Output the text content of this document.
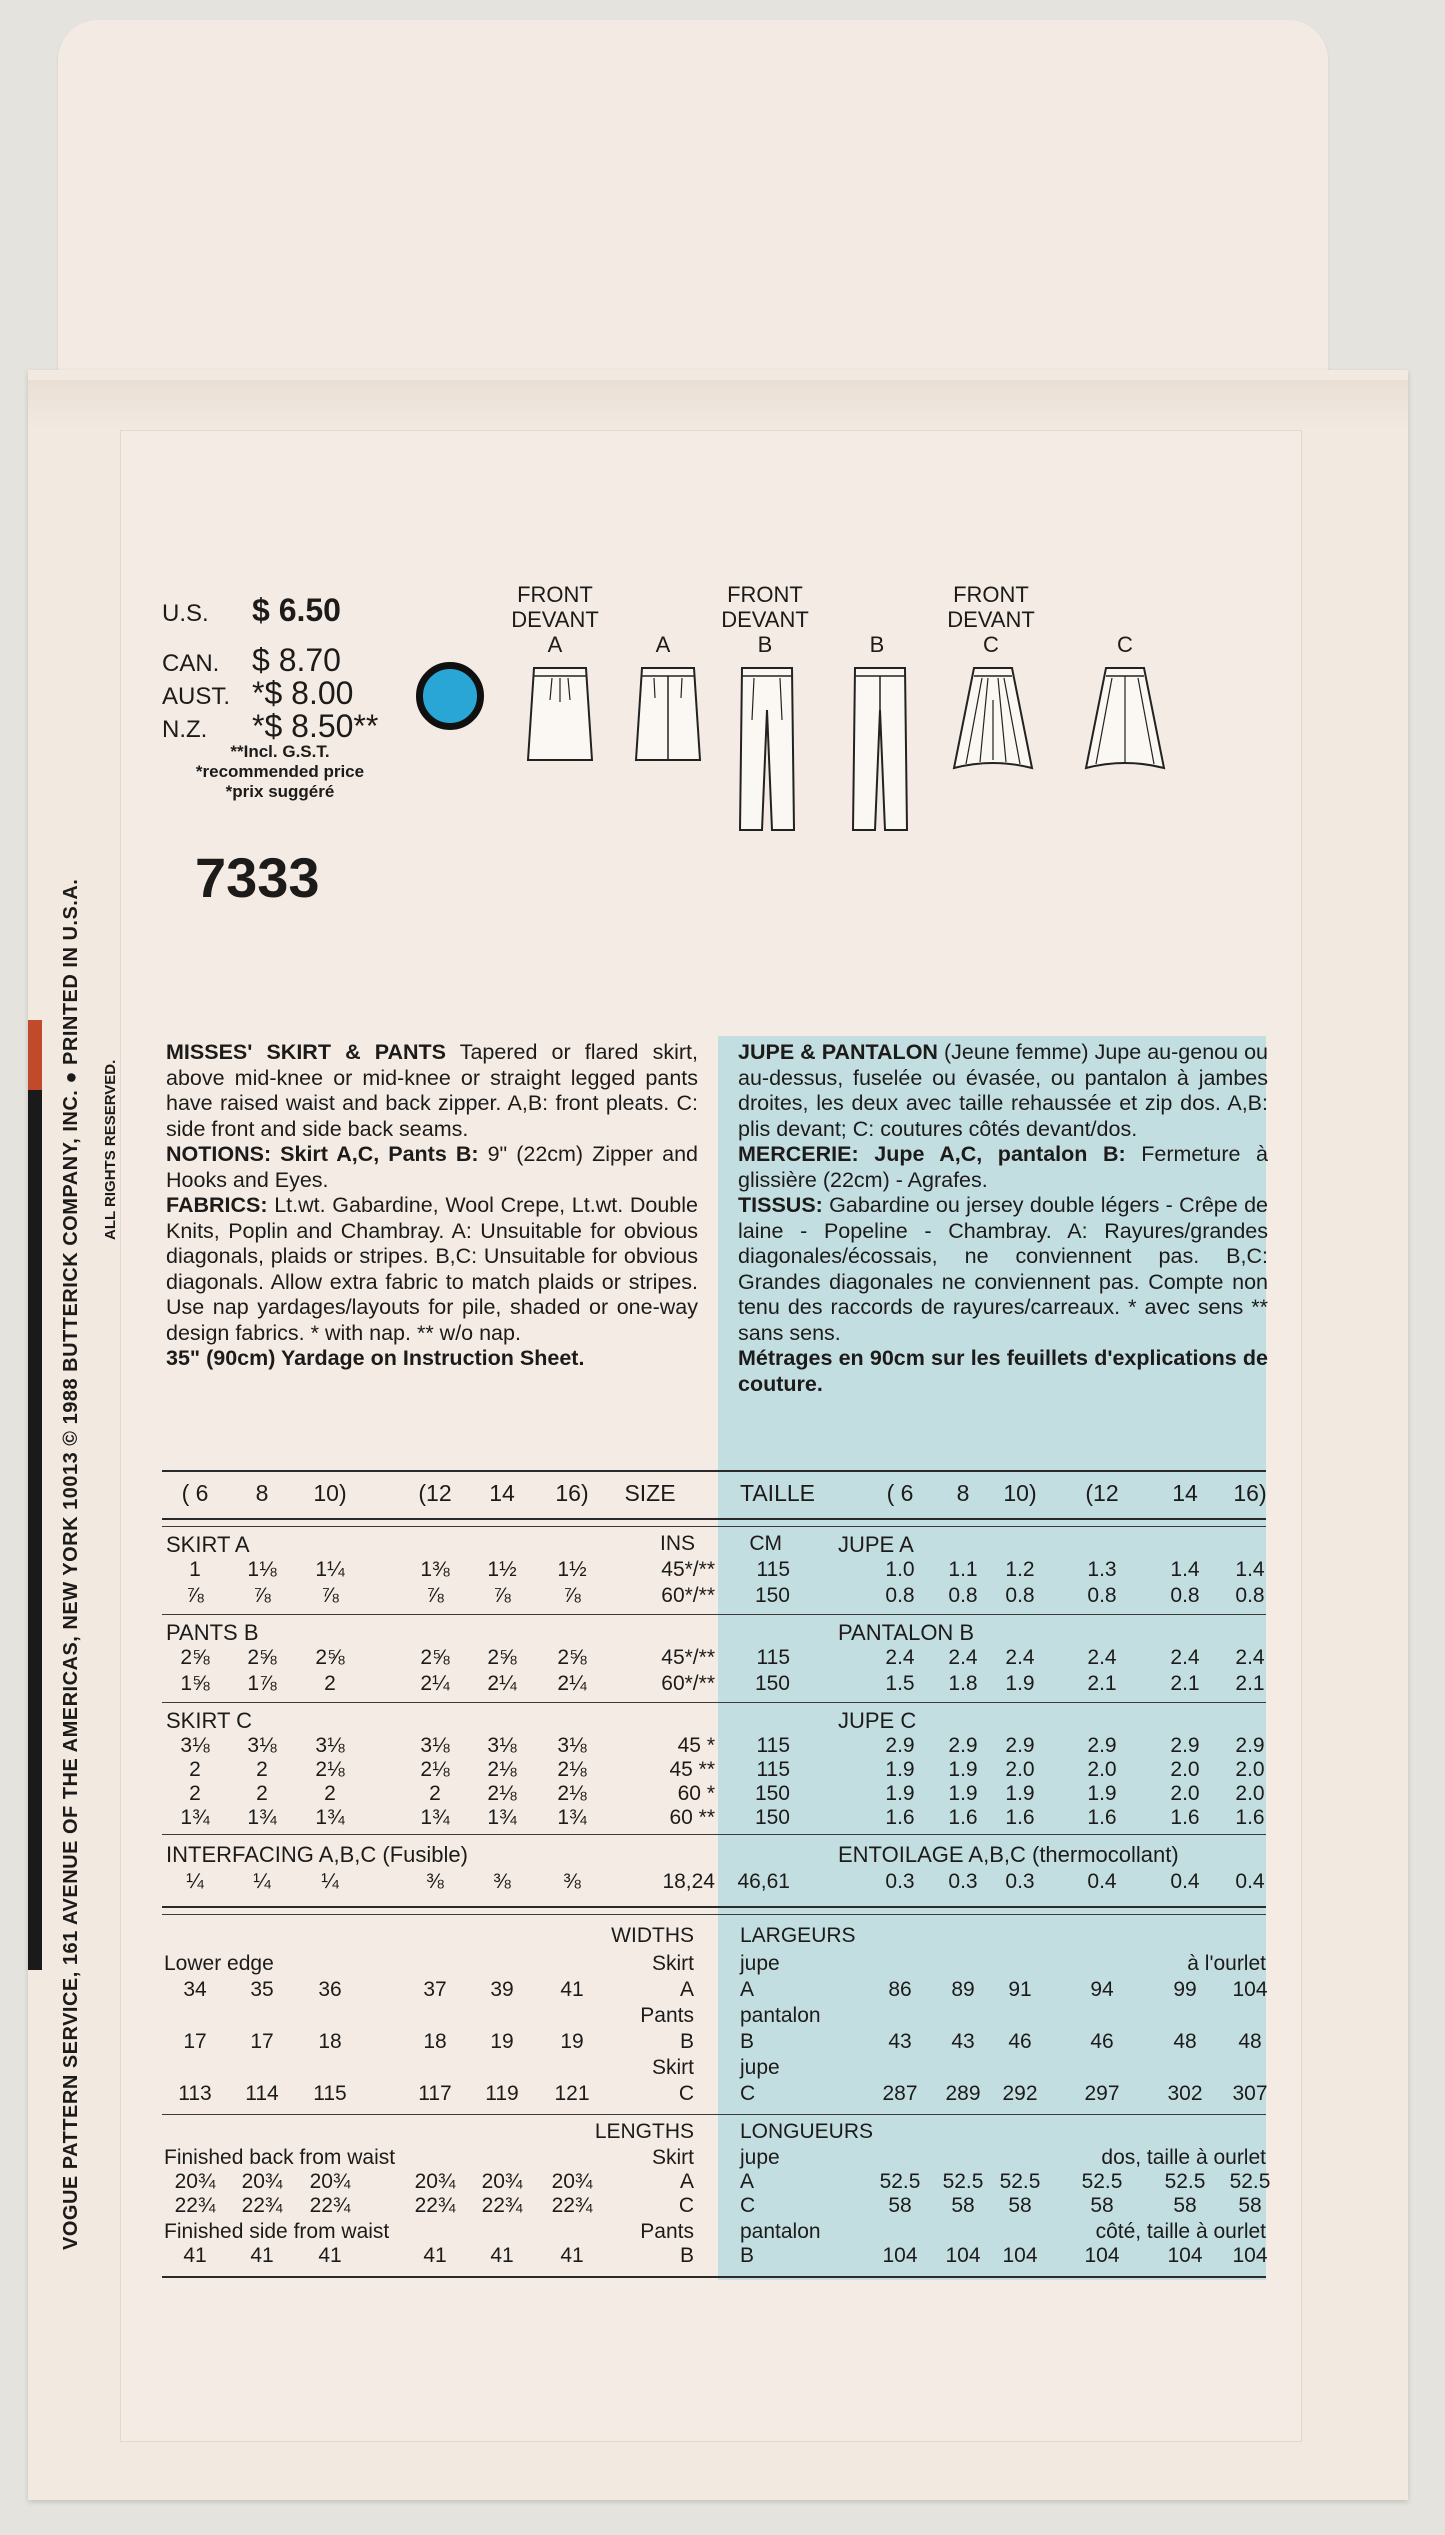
VOGUE PATTERN SERVICE, 161 AVENUE OF THE AMERICAS, NEW YORK 10013 © 1988 BUTTERICK COMPANY, INC. ● PRINTED IN U.S.A. ALL RIGHTS RESERVED.
U.S. $ 6.50
CAN. $ 8.70
AUST. *$ 8.00
N.Z. *$ 8.50**
**Incl. G.S.T.
*recommended price
*prix suggéré
7333
FRONT
DEVANT
A	A
FRONT
DEVANT
B	B
FRONT
DEVANT
C	C
MISSES' SKIRT & PANTS Tapered or flared skirt, above mid-knee or mid-knee or straight legged pants have raised waist and back zipper. A,B: front pleats. C: side front and side back seams.
NOTIONS: Skirt A,C, Pants B: 9" (22cm) Zipper and Hooks and Eyes.
FABRICS: Lt.wt. Gabardine, Wool Crepe, Lt.wt. Double Knits, Poplin and Chambray. A: Unsuitable for obvious diagonals, plaids or stripes. B,C: Unsuitable for obvious diagonals. Allow extra fabric to match plaids or stripes. Use nap yardages/layouts for pile, shaded or one-way design fabrics. * with nap. ** w/o nap.
35" (90cm) Yardage on Instruction Sheet.
JUPE & PANTALON (Jeune femme) Jupe au-genou ou au-dessus, fuselée ou évasée, ou pantalon à jambes droites, les deux avec taille rehaussée et zip dos. A,B: plis devant; C: coutures côtés devant/dos.
MERCERIE: Jupe A,C, pantalon B: Fermeture à glissière (22cm) - Agrafes.
TISSUS: Gabardine ou jersey double légers - Crêpe de laine - Popeline - Chambray. A: Rayures/grandes diagonales/écossais, ne conviennent pas. B,C: Grandes diagonales ne conviennent pas. Compte non tenu des raccords de rayures/carreaux. * avec sens ** sans sens.
Métrages en 90cm sur les feuillets d'explications de couture.
( 6	8	10)	(12	14	16)	SIZE	TAILLE	( 6	8	10)	(12	14	16)
SKIRT A	INS	CM	JUPE A
1	1⅛	1¼	1⅜	1½	1½	45*/**	115	1.0	1.1	1.2	1.3	1.4	1.4
⅞	⅞	⅞	⅞	⅞	⅞	60*/**	150	0.8	0.8	0.8	0.8	0.8	0.8
PANTS B	PANTALON B
2⅝	2⅝	2⅝	2⅝	2⅝	2⅝	45*/**	115	2.4	2.4	2.4	2.4	2.4	2.4
1⅝	1⅞	2	2¼	2¼	2¼	60*/**	150	1.5	1.8	1.9	2.1	2.1	2.1
SKIRT C	JUPE C
3⅛	3⅛	3⅛	3⅛	3⅛	3⅛	45 *	115	2.9	2.9	2.9	2.9	2.9	2.9
2	2	2⅛	2⅛	2⅛	2⅛	45 **	115	1.9	1.9	2.0	2.0	2.0	2.0
2	2	2	2	2⅛	2⅛	60 *	150	1.9	1.9	1.9	1.9	2.0	2.0
1¾	1¾	1¾	1¾	1¾	1¾	60 **	150	1.6	1.6	1.6	1.6	1.6	1.6
INTERFACING A,B,C (Fusible)	ENTOILAGE A,B,C (thermocollant)
¼	¼	¼	⅜	⅜	⅜	18,24	46,61	0.3	0.3	0.3	0.4	0.4	0.4
WIDTHS LARGEURS
Lower edge	à l'ourlet
Skirt jupe
A A
34	35	36	37	39	41	86	89	91	94	99	104
Pants pantalon
B B
17	17	18	18	19	19	43	43	46	46	48	48
Skirt jupe
C C
113	114	115	117	119	121	287	289	292	297	302	307
LENGTHS LONGUEURS
Finished back from waist	Skirt jupe	dos, taille à ourlet
A A
20¾	20¾	20¾	20¾	20¾	20¾	52.5	52.5 52.5	52.5	52.5	52.5
C C
22¾	22¾	22¾	22¾	22¾	22¾	58	58	58	58	58	58
Finished side from waist	Pants pantalon	côté, taille à ourlet
B B
41	41	41	41	41	41	104	104	104	104	104	104
